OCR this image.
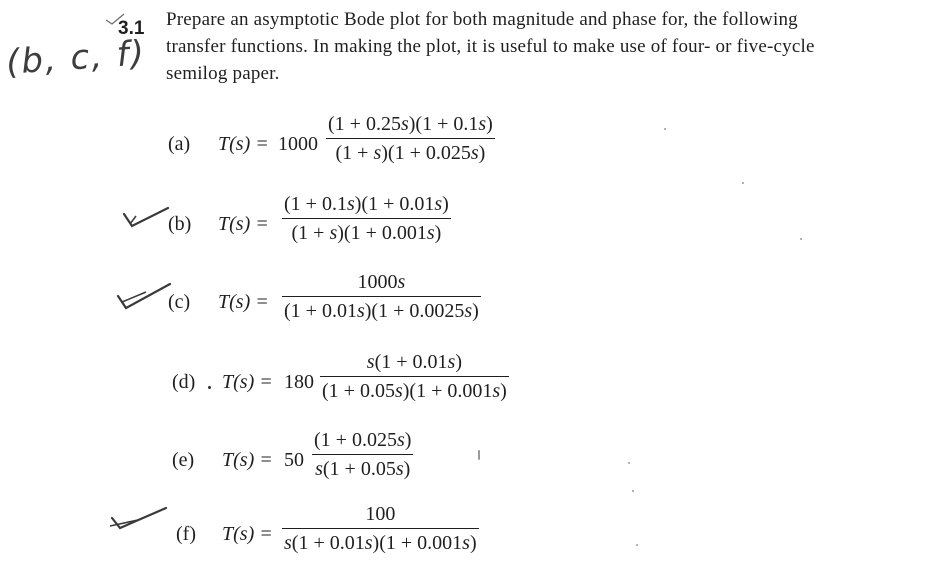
3.1 Prepare an asymptotic Bode plot for both magnitude and phase for, the following
transfer functions. In making the plot, it is useful to make use of four- or five-cycle
semilog paper.
(b, c, f)
(a) T(s) = 1000
(1 + 0.25s)(1 + 0.1s)
(1 + s)(1 + 0.025s)
(b) T(s) =
(1 + 0.1s)(1 + 0.01s)
(1 + s)(1 + 0.001s)
(c) T(s) =
1000s
(1 + 0.01s)(1 + 0.0025s)
(d) T(s) = 180
s(1 + 0.01s)
(1 + 0.05s)(1 + 0.001s)
(e) T(s) = 50
(1 + 0.025s)
s(1 + 0.05s)
(f) T(s) =
100
s(1 + 0.01s)(1 + 0.001s)
